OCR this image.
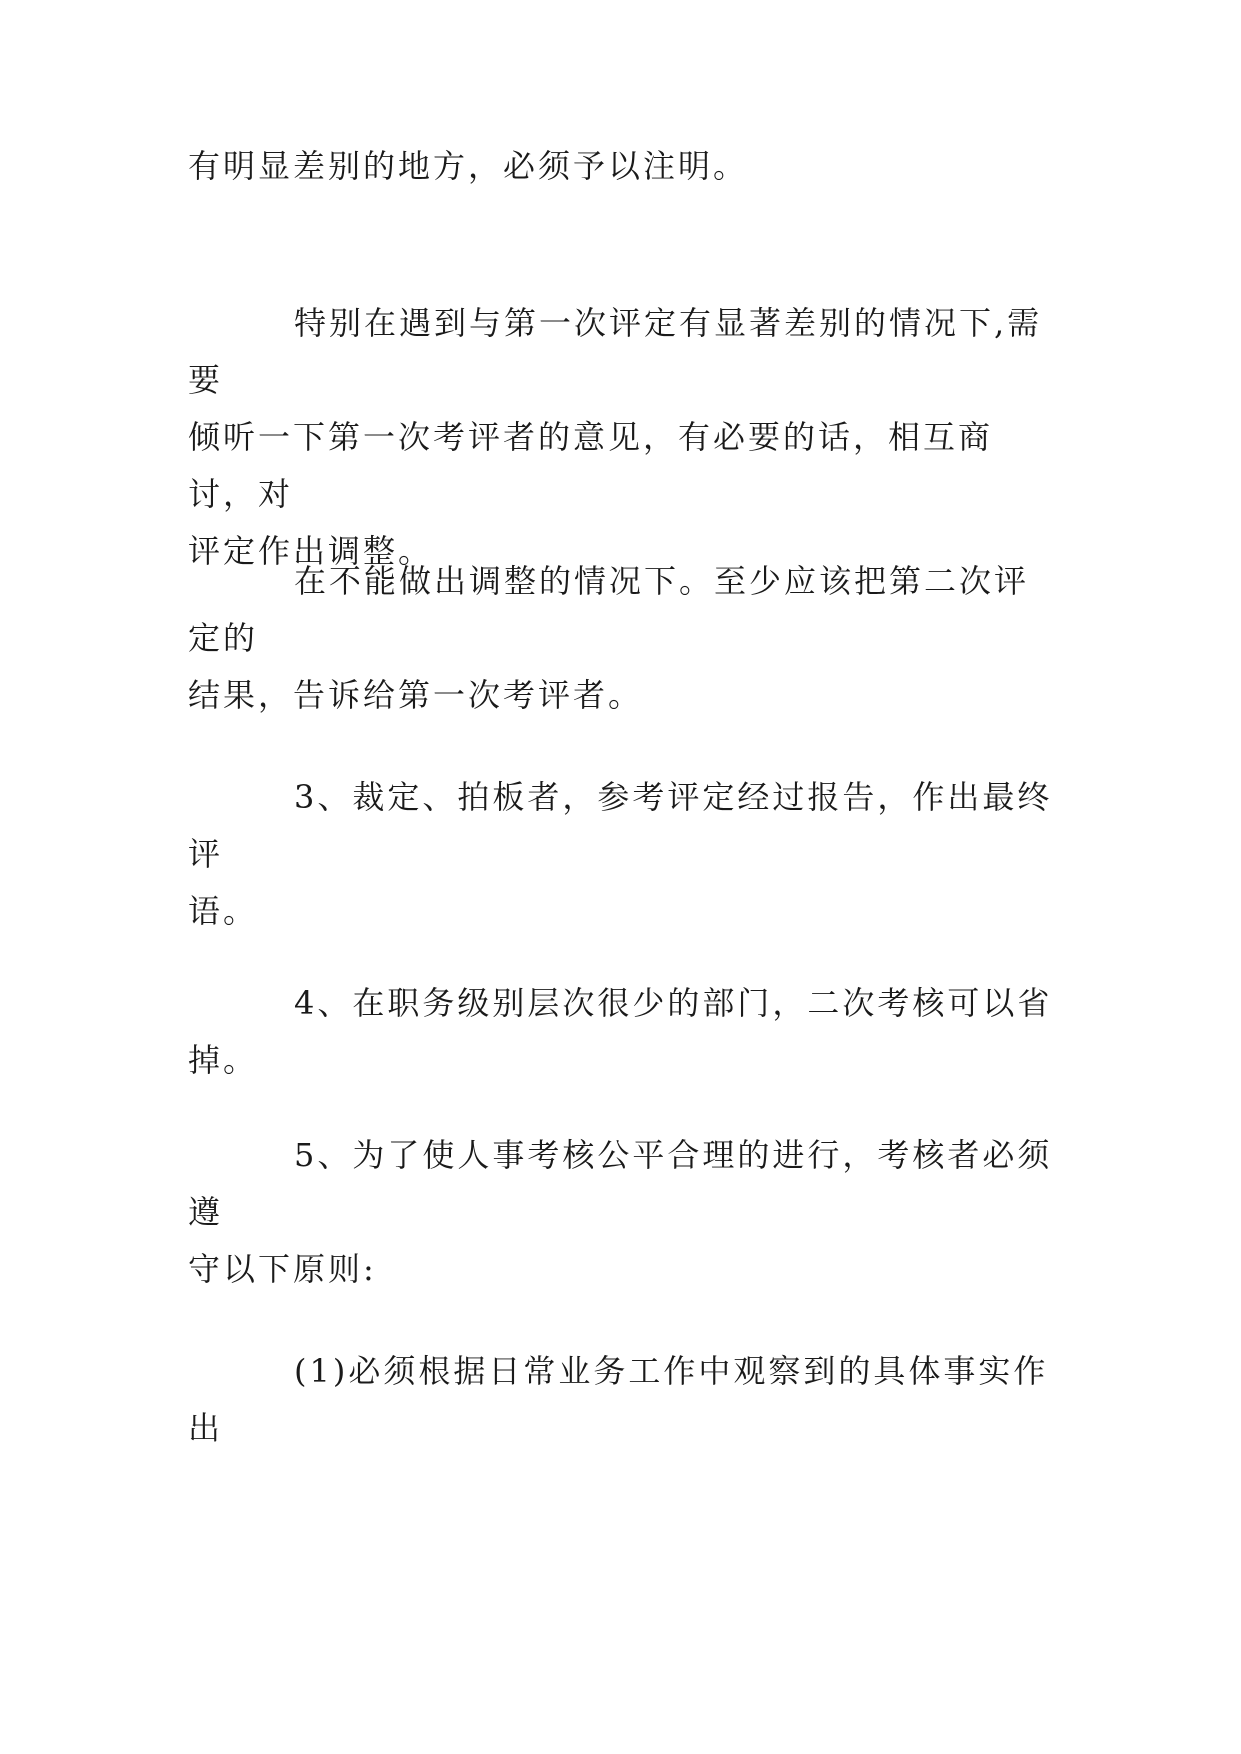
有明显差别的地方，必须予以注明。

特别在遇到与第一次评定有显著差别的情况下,需要
倾听一下第一次考评者的意见，有必要的话，相互商讨，对
评定作出调整。

在不能做出调整的情况下。至少应该把第二次评定的
结果，告诉给第一次考评者。

3、裁定、拍板者，参考评定经过报告，作出最终评
语。

4、在职务级别层次很少的部门，二次考核可以省掉。

5、为了使人事考核公平合理的进行，考核者必须遵
守以下原则:

(1)必须根据日常业务工作中观察到的具体事实作出
